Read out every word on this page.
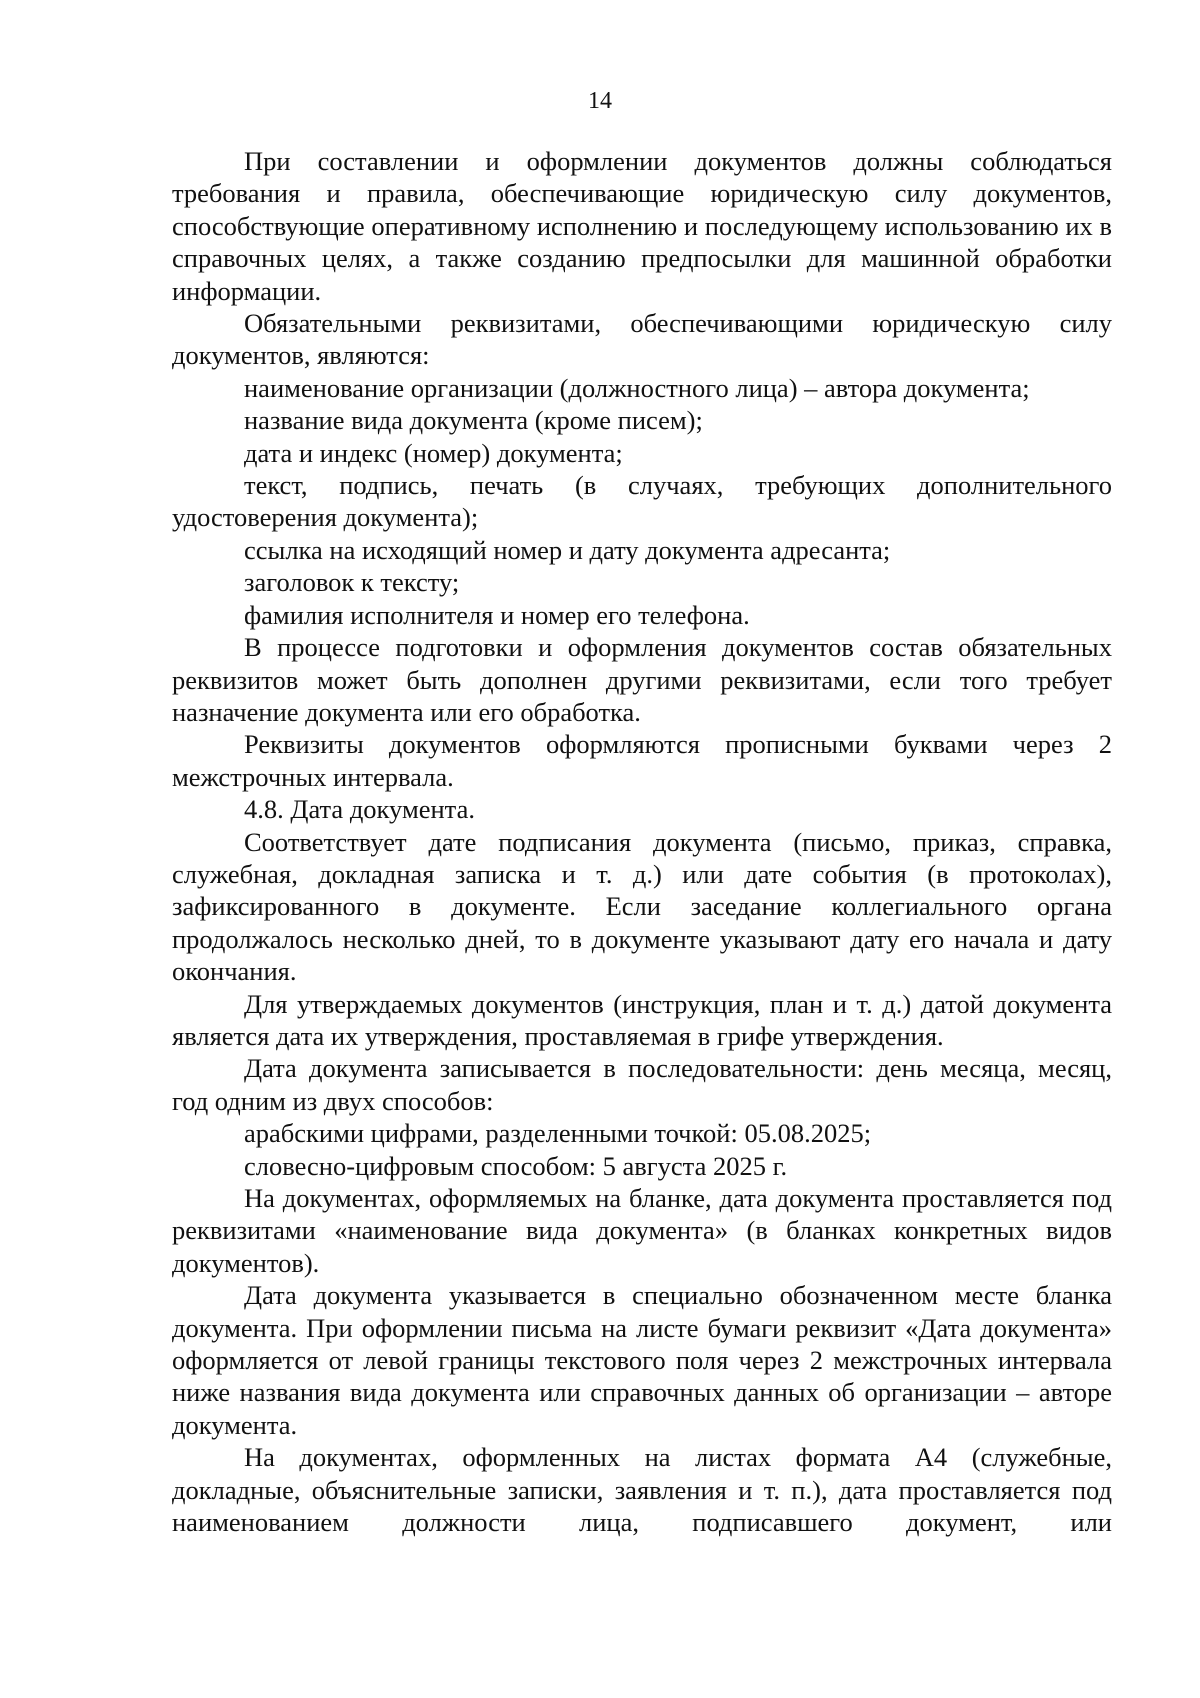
14

При составлении и оформлении документов должны соблюдаться требования и правила, обеспечивающие юридическую силу документов, способствующие оперативному исполнению и последующему использованию их в справочных целях, а также созданию предпосылки для машинной обработки информации.

Обязательными реквизитами, обеспечивающими юридическую силу документов, являются:

наименование организации (должностного лица) – автора документа;

название вида документа (кроме писем);

дата и индекс (номер) документа;

текст, подпись, печать (в случаях, требующих дополнительного удостоверения документа);

ссылка на исходящий номер и дату документа адресанта;

заголовок к тексту;

фамилия исполнителя и номер его телефона.

В процессе подготовки и оформления документов состав обязательных реквизитов может быть дополнен другими реквизитами, если того требует назначение документа или его обработка.

Реквизиты документов оформляются прописными буквами через 2 межстрочных интервала.

4.8. Дата документа.

Соответствует дате подписания документа (письмо, приказ, справка, служебная, докладная записка и т. д.) или дате события (в протоколах), зафиксированного в документе. Если заседание коллегиального органа продолжалось несколько дней, то в документе указывают дату его начала и дату окончания.

Для утверждаемых документов (инструкция, план и т. д.) датой документа является дата их утверждения, проставляемая в грифе утверждения.

Дата документа записывается в последовательности: день месяца, месяц, год одним из двух способов:

арабскими цифрами, разделенными точкой: 05.08.2025;

словесно-цифровым способом: 5 августа 2025 г.

На документах, оформляемых на бланке, дата документа проставляется под реквизитами «наименование вида документа» (в бланках конкретных видов документов).

Дата документа указывается в специально обозначенном месте бланка документа. При оформлении письма на листе бумаги реквизит «Дата документа» оформляется от левой границы текстового поля через 2 межстрочных интервала ниже названия вида документа или справочных данных об организации – авторе документа.

На документах, оформленных на листах формата А4 (служебные, докладные, объяснительные записки, заявления и т. п.), дата проставляется под наименованием должности лица, подписавшего документ, или
